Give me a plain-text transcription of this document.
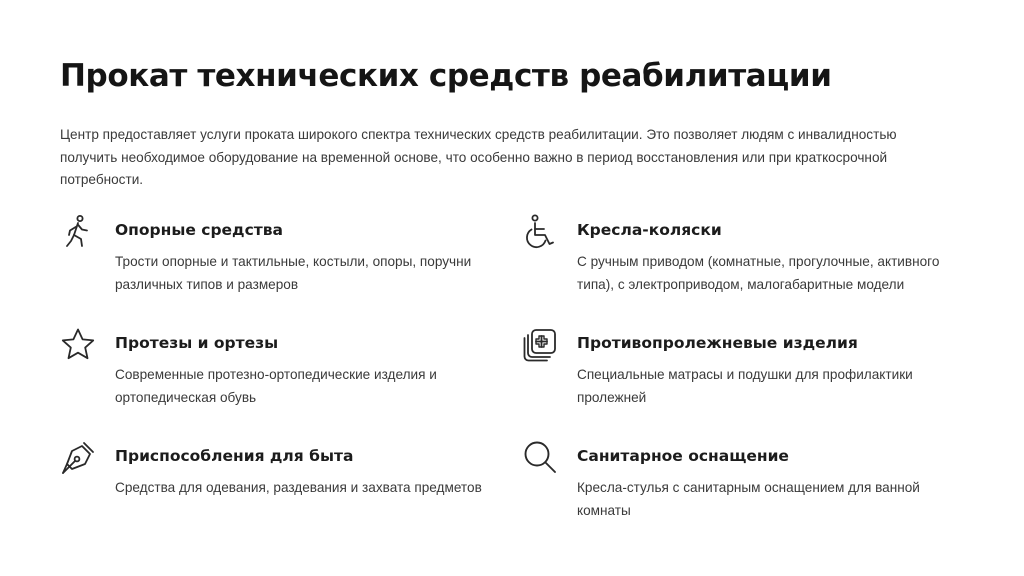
Прокат технических средств реабилитации

Центр предоставляет услуги проката широкого спектра технических средств реабилитации. Это позволяет людям с инвалидностью получить необходимое оборудование на временной основе, что особенно важно в период восстановления или при краткосрочной потребности.

Опорные средства

Трости опорные и тактильные, костыли, опоры, поручни различных типов и размеров

Кресла-коляски

С ручным приводом (комнатные, прогулочные, активного типа), с электроприводом, малогабаритные модели

Протезы и ортезы

Современные протезно-ортопедические изделия и ортопедическая обувь

Противопролежневые изделия

Специальные матрасы и подушки для профилактики пролежней

Приспособления для быта

Средства для одевания, раздевания и захвата предметов

Санитарное оснащение

Кресла-стулья с санитарным оснащением для ванной комнаты
